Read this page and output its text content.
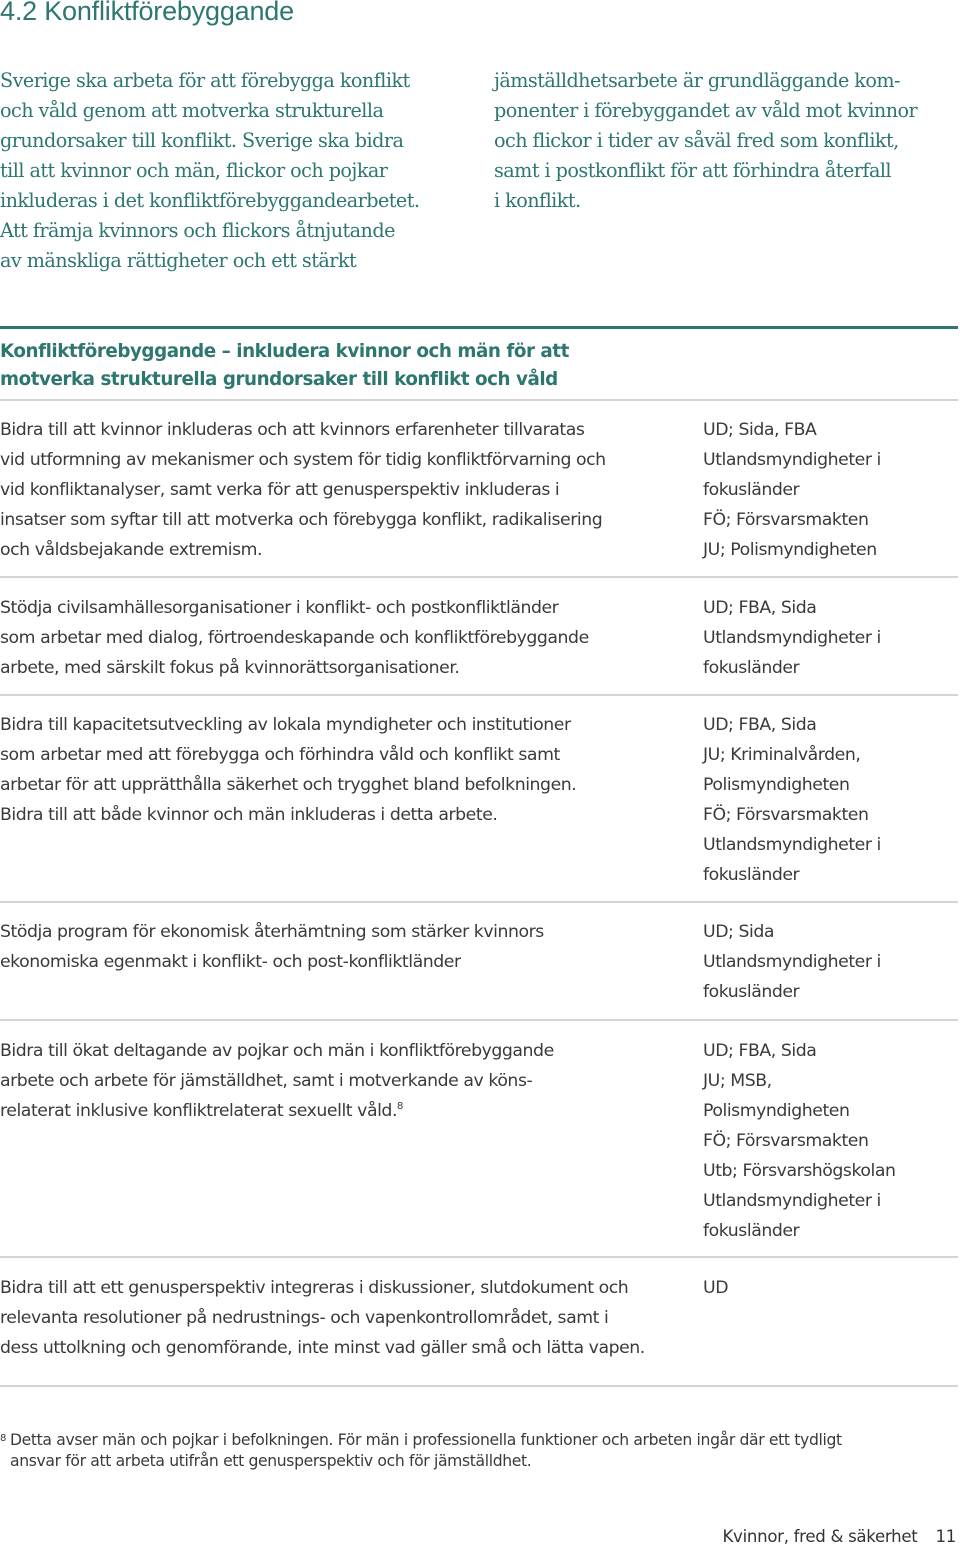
4.2 Konfliktförebyggande
Sverige ska arbeta för att förebygga konflikt
och våld genom att motverka strukturella
grundorsaker till konflikt. Sverige ska bidra
till att kvinnor och män, flickor och pojkar
inkluderas i det konfliktförebyggandearbetet.
Att främja kvinnors och flickors åtnjutande
av mänskliga rättigheter och ett stärkt
jämställdhetsarbete är grundläggande kom-
ponenter i förebyggandet av våld mot kvinnor
och flickor i tider av såväl fred som konflikt,
samt i postkonflikt för att förhindra återfall
i konflikt.
Konfliktförebyggande – inkludera kvinnor och män för att
motverka strukturella grundorsaker till konflikt och våld
Bidra till att kvinnor inkluderas och att kvinnors erfarenheter tillvaratas
vid utformning av mekanismer och system för tidig konfliktförvarning och
vid konfliktanalyser, samt verka för att genusperspektiv inkluderas i
insatser som syftar till att motverka och förebygga konflikt, radikalisering
och våldsbejakande extremism.
UD; Sida, FBA
Utlandsmyndigheter i
fokusländer
FÖ; Försvarsmakten
JU; Polismyndigheten
Stödja civilsamhällesorganisationer i konflikt- och postkonfliktländer
som arbetar med dialog, förtroendeskapande och konfliktförebyggande
arbete, med särskilt fokus på kvinnorättsorganisationer.
UD; FBA, Sida
Utlandsmyndigheter i
fokusländer
Bidra till kapacitetsutveckling av lokala myndigheter och institutioner
som arbetar med att förebygga och förhindra våld och konflikt samt
arbetar för att upprätthålla säkerhet och trygghet bland befolkningen.
Bidra till att både kvinnor och män inkluderas i detta arbete.
UD; FBA, Sida
JU; Kriminalvården,
Polismyndigheten
FÖ; Försvarsmakten
Utlandsmyndigheter i
fokusländer
Stödja program för ekonomisk återhämtning som stärker kvinnors
ekonomiska egenmakt i konflikt- och post-konfliktländer
UD; Sida
Utlandsmyndigheter i
fokusländer
Bidra till ökat deltagande av pojkar och män i konfliktförebyggande
arbete och arbete för jämställdhet, samt i motverkande av köns-
relaterat inklusive konfliktrelaterat sexuellt våld.$^8$
UD; FBA, Sida
JU; MSB,
Polismyndigheten
FÖ; Försvarsmakten
Utb; Försvarshögskolan
Utlandsmyndigheter i
fokusländer
Bidra till att ett genusperspektiv integreras i diskussioner, slutdokument och
relevanta resolutioner på nedrustnings- och vapenkontrollområdet, samt i
dess uttolkning och genomförande, inte minst vad gäller små och lätta vapen.
UD
8 Detta avser män och pojkar i befolkningen. För män i professionella funktioner och arbeten ingår där ett tydligt
ansvar för att arbeta utifrån ett genusperspektiv och för jämställdhet.
Kvinnor, fred & säkerhet 11
